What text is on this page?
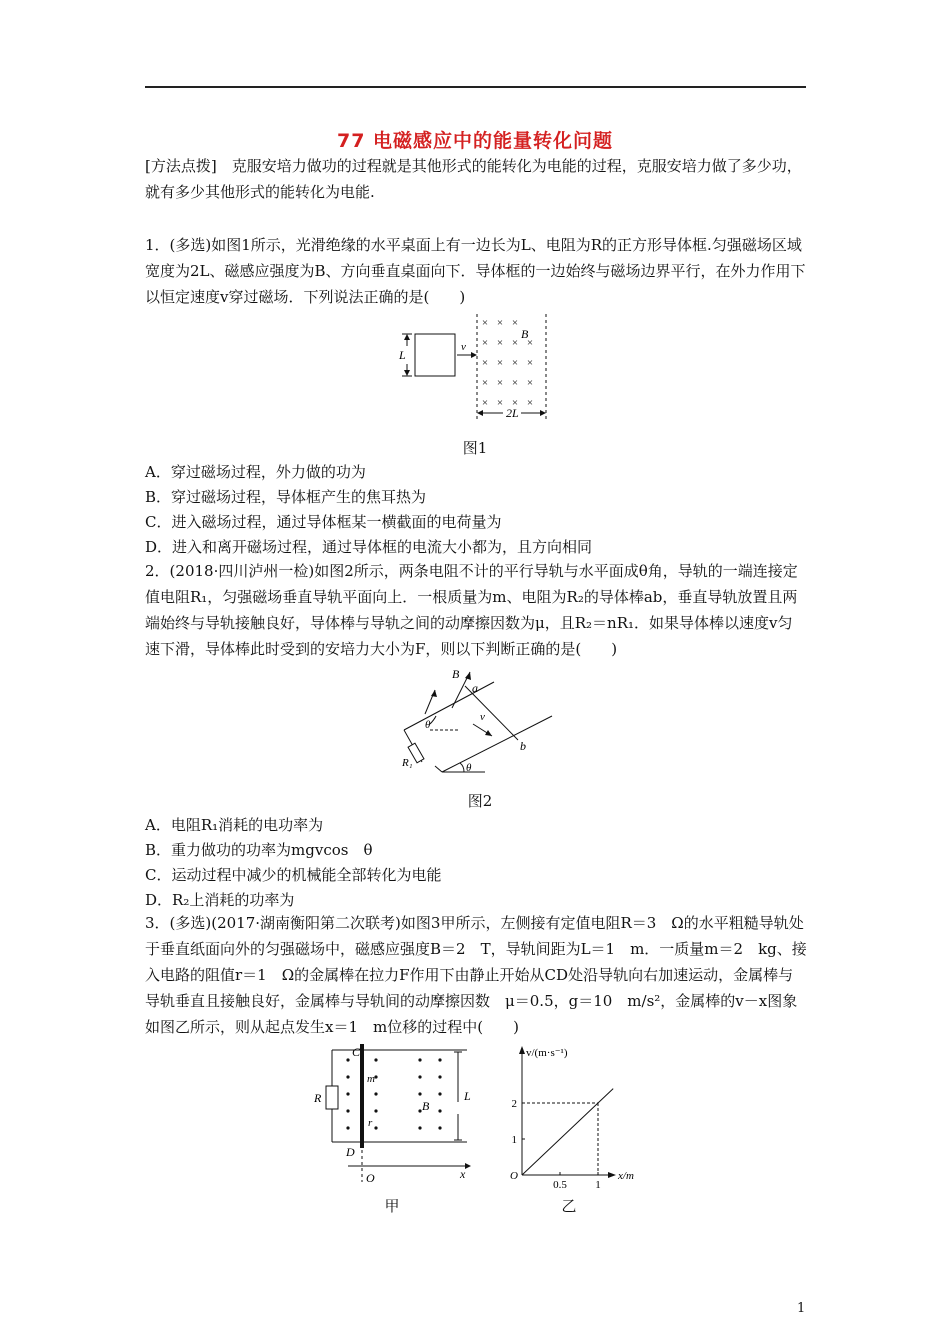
77 电磁感应中的能量转化问题

[方法点拨]　 克服安培力做功的过程就是其他形式的能转化为电能的过程，克服安培力做了多少功，就有多少其他形式的能转化为电能.

1．(多选)如图1所示，光滑绝缘的水平桌面上有一边长为L、电阻为R的正方形导体框.匀强磁场区域宽度为2L、磁感应强度为B、方向垂直桌面向下．导体框的一边始终与磁场边界平行，在外力作用下以恒定速度v穿过磁场．下列说法正确的是(　　)

× × ×
× × × ×
× × × ×
× × × ×
× × × ×
L
v
B
2L
图1
A．穿过磁场过程，外力做的功为
B．穿过磁场过程，导体框产生的焦耳热为
C．进入磁场过程，通过导体框某一横截面的电荷量为
D．进入和离开磁场过程，通过导体框的电流大小都为，且方向相同

2．(2018·四川泸州一检)如图2所示，两条电阻不计的平行导轨与水平面成θ角，导轨的一端连接定值电阻R₁，匀强磁场垂直导轨平面向上．一根质量为m、电阻为R₂的导体棒ab，垂直导轨放置且两端始终与导轨接触良好，导体棒与导轨之间的动摩擦因数为μ，且R₂＝nR₁．如果导体棒以速度v匀速下滑，导体棒此时受到的安培力大小为F，则以下判断正确的是(　　)

B
a
v
b
θ
θ
R₁
图2
A．电阻R₁消耗的电功率为
B．重力做功的功率为mgvcos　θ
C．运动过程中减少的机械能全部转化为电能
D．R₂上消耗的功率为

3．(多选)(2017·湖南衡阳第二次联考)如图3甲所示，左侧接有定值电阻R＝3　Ω的水平粗糙导轨处于垂直纸面向外的匀强磁场中，磁感应强度B＝2　T，导轨间距为L＝1　m．一质量m＝2　kg、接入电路的阻值r＝1　Ω的金属棒在拉力F作用下由静止开始从CD处沿导轨向右加速运动，金属棒与导轨垂直且接触良好，金属棒与导轨间的动摩擦因数　μ＝0.5，g＝10　m/s²，金属棒的v－x图象如图乙所示，则从起点发生x＝1　m位移的过程中(　　)

C
D
m
r
B
R	L
O	x
甲
0.5	1
1
2
v/(m·s⁻¹)
x/m
O
乙
1
